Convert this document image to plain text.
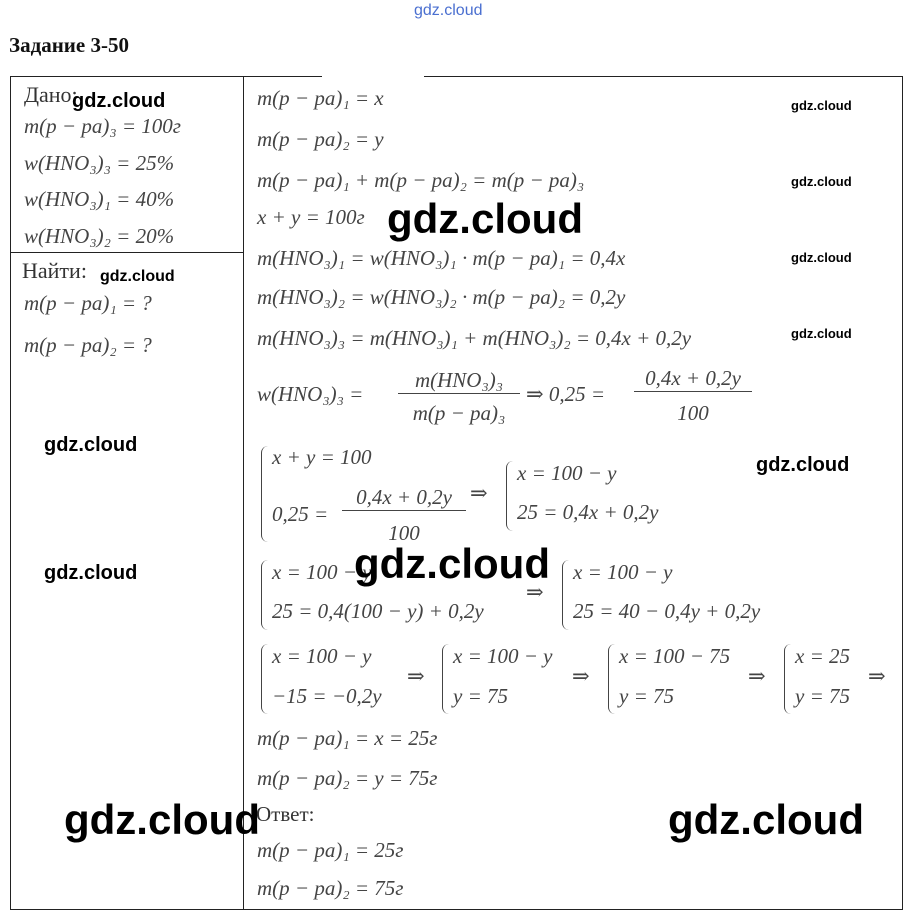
gdz.cloud
Задание 3-50
Дано:
m(p − pa)₃ = 100г
w(HNO₃)₃ = 25%
w(HNO₃)₁ = 40%
w(HNO₃)₂ = 20%
Найти:
m(p − pa)₁ = ?
m(p − pa)₂ = ?
m(p − pa)₁ = x
m(p − pa)₂ = y
m(p − pa)₁ + m(p − pa)₂ = m(p − pa)₃
x + y = 100г
m(HNO₃)₁ = w(HNO₃)₁ · m(p − pa)₁ = 0,4x
m(HNO₃)₂ = w(HNO₃)₂ · m(p − pa)₂ = 0,2y
m(HNO₃)₃ = m(HNO₃)₁ + m(HNO₃)₂ = 0,4x + 0,2y
w(HNO₃)₃ =
m(HNO₃)₃
m(p − pa)₃
⇒ 0,25 =
0,4x + 0,2y
100
x + y = 100
0,25 =
0,4x + 0,2y
100
⇒
x = 100 − y
25 = 0,4x + 0,2y
x = 100 − y
25 = 0,4(100 − y) + 0,2y
⇒
x = 100 − y
25 = 40 − 0,4y + 0,2y
x = 100 − y
−15 = −0,2y
⇒
x = 100 − y
y = 75
⇒
x = 100 − 75
y = 75
⇒
x = 25
y = 75
⇒
m(p − pa)₁ = x = 25г
m(p − pa)₂ = y = 75г
Ответ:
m(p − pa)₁ = 25г
m(p − pa)₂ = 75г
gdz.cloud	gdz.cloud
gdz.cloud
gdz.cloud
gdz.cloud
gdz.cloud
gdz.cloud
gdz.cloud
gdz.cloud
gdz.cloud
gdz.cloud
gdz.cloud	gdz.cloud
